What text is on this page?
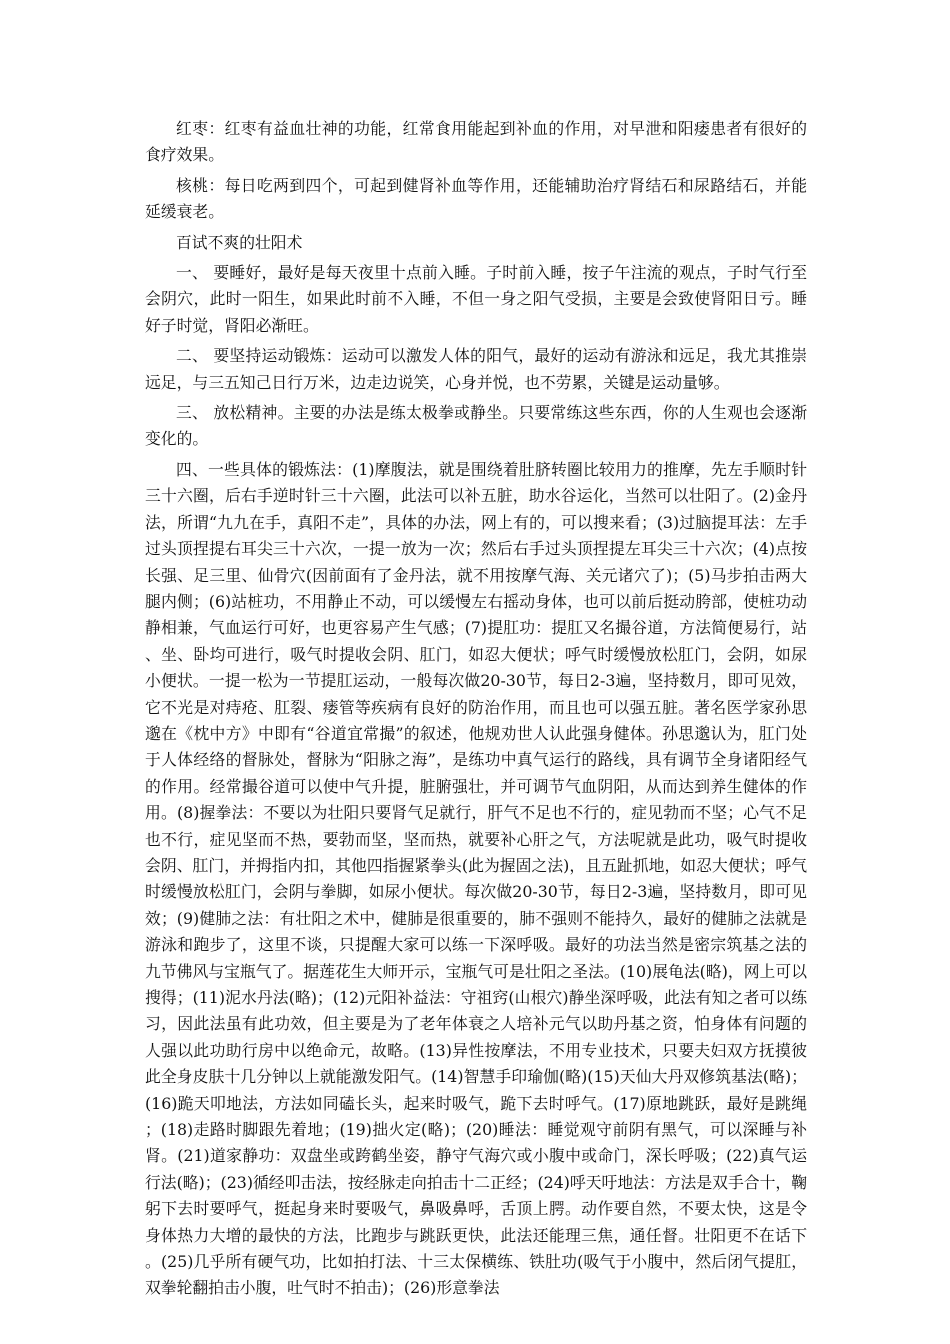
红枣：红枣有益血壮神的功能，红常食用能起到补血的作用，对早泄和阳痿患者有很好的食疗效果。

核桃：每日吃两到四个，可起到健肾补血等作用，还能辅助治疗肾结石和尿路结石，并能延缓衰老。

百试不爽的壮阳术

一、 要睡好，最好是每天夜里十点前入睡。子时前入睡，按子午注流的观点，子时气行至会阴穴，此时一阳生，如果此时前不入睡，不但一身之阳气受损，主要是会致使肾阳日亏。睡好子时觉，肾阳必渐旺。

二、 要坚持运动锻炼：运动可以激发人体的阳气，最好的运动有游泳和远足，我尤其推崇远足，与三五知己日行万米，边走边说笑，心身并悦，也不劳累，关键是运动量够。

三、 放松精神。主要的办法是练太极拳或静坐。只要常练这些东西，你的人生观也会逐渐变化的。

四、一些具体的锻炼法：(1)摩腹法，就是围绕着肚脐转圈比较用力的推摩，先左手顺时针三十六圈，后右手逆时针三十六圈，此法可以补五脏，助水谷运化，当然可以壮阳了。(2)金丹法，所谓“九九在手，真阳不走”，具体的办法，网上有的，可以搜来看；(3)过脑提耳法：左手过头顶捏提右耳尖三十六次，一提一放为一次；然后右手过头顶捏提左耳尖三十六次；(4)点按长强、足三里、仙骨穴(因前面有了金丹法，就不用按摩气海、关元诸穴了)；(5)马步拍击两大腿内侧；(6)站桩功，不用静止不动，可以缓慢左右摇动身体，也可以前后挺动胯部，使桩功动静相兼，气血运行可好，也更容易产生气感；(7)提肛功：提肛又名撮谷道，方法简便易行，站、坐、卧均可进行，吸气时提收会阴、肛门，如忍大便状；呼气时缓慢放松肛门，会阴，如尿小便状。一提一松为一节提肛运动，一般每次做20-30节，每日2-3遍，坚持数月，即可见效，它不光是对痔疮、肛裂、瘘管等疾病有良好的防治作用，而且也可以强五脏。著名医学家孙思邈在《枕中方》中即有“谷道宜常撮”的叙述，他规劝世人认此强身健体。孙思邈认为，肛门处于人体经络的督脉处，督脉为“阳脉之海”，是练功中真气运行的路线，具有调节全身诸阳经气的作用。经常撮谷道可以使中气升提，脏腑强壮，并可调节气血阴阳，从而达到养生健体的作用。(8)握拳法：不要以为壮阳只要肾气足就行，肝气不足也不行的，症见勃而不坚；心气不足也不行，症见坚而不热，要勃而坚，坚而热，就要补心肝之气，方法呢就是此功，吸气时提收会阴、肛门，并拇指内扣，其他四指握紧拳头(此为握固之法)，且五趾抓地，如忍大便状；呼气时缓慢放松肛门，会阴与拳脚，如尿小便状。每次做20-30节，每日2-3遍，坚持数月，即可见效；(9)健肺之法：有壮阳之术中，健肺是很重要的，肺不强则不能持久，最好的健肺之法就是游泳和跑步了，这里不谈，只提醒大家可以练一下深呼吸。最好的功法当然是密宗筑基之法的九节佛风与宝瓶气了。据莲花生大师开示，宝瓶气可是壮阳之圣法。(10)展龟法(略)，网上可以搜得；(11)泥水丹法(略)；(12)元阳补益法：守祖窍(山根穴)静坐深呼吸，此法有知之者可以练习，因此法虽有此功效，但主要是为了老年体衰之人培补元气以助丹基之资，怕身体有问题的人强以此功助行房中以绝命元，故略。(13)异性按摩法，不用专业技术，只要夫妇双方抚摸彼此全身皮肤十几分钟以上就能激发阳气。(14)智慧手印瑜伽(略)(15)天仙大丹双修筑基法(略)；(16)跪天叩地法，方法如同磕长头，起来时吸气，跪下去时呼气。(17)原地跳跃，最好是跳绳；(18)走路时脚跟先着地；(19)拙火定(略)；(20)睡法：睡觉观守前阴有黑气，可以深睡与补肾。(21)道家静功：双盘坐或跨鹤坐姿，静守气海穴或小腹中或命门，深长呼吸；(22)真气运行法(略)；(23)循经叩击法，按经脉走向拍击十二正经；(24)呼天吁地法：方法是双手合十，鞠躬下去时要呼气，挺起身来时要吸气，鼻吸鼻呼，舌顶上腭。动作要自然，不要太快，这是令身体热力大增的最快的方法，比跑步与跳跃更快，此法还能理三焦，通任督。壮阳更不在话下。(25)几乎所有硬气功，比如拍打法、十三太保横练、铁肚功(吸气于小腹中，然后闭气提肛，双拳轮翻拍击小腹，吐气时不拍击)；(26)形意拳法
